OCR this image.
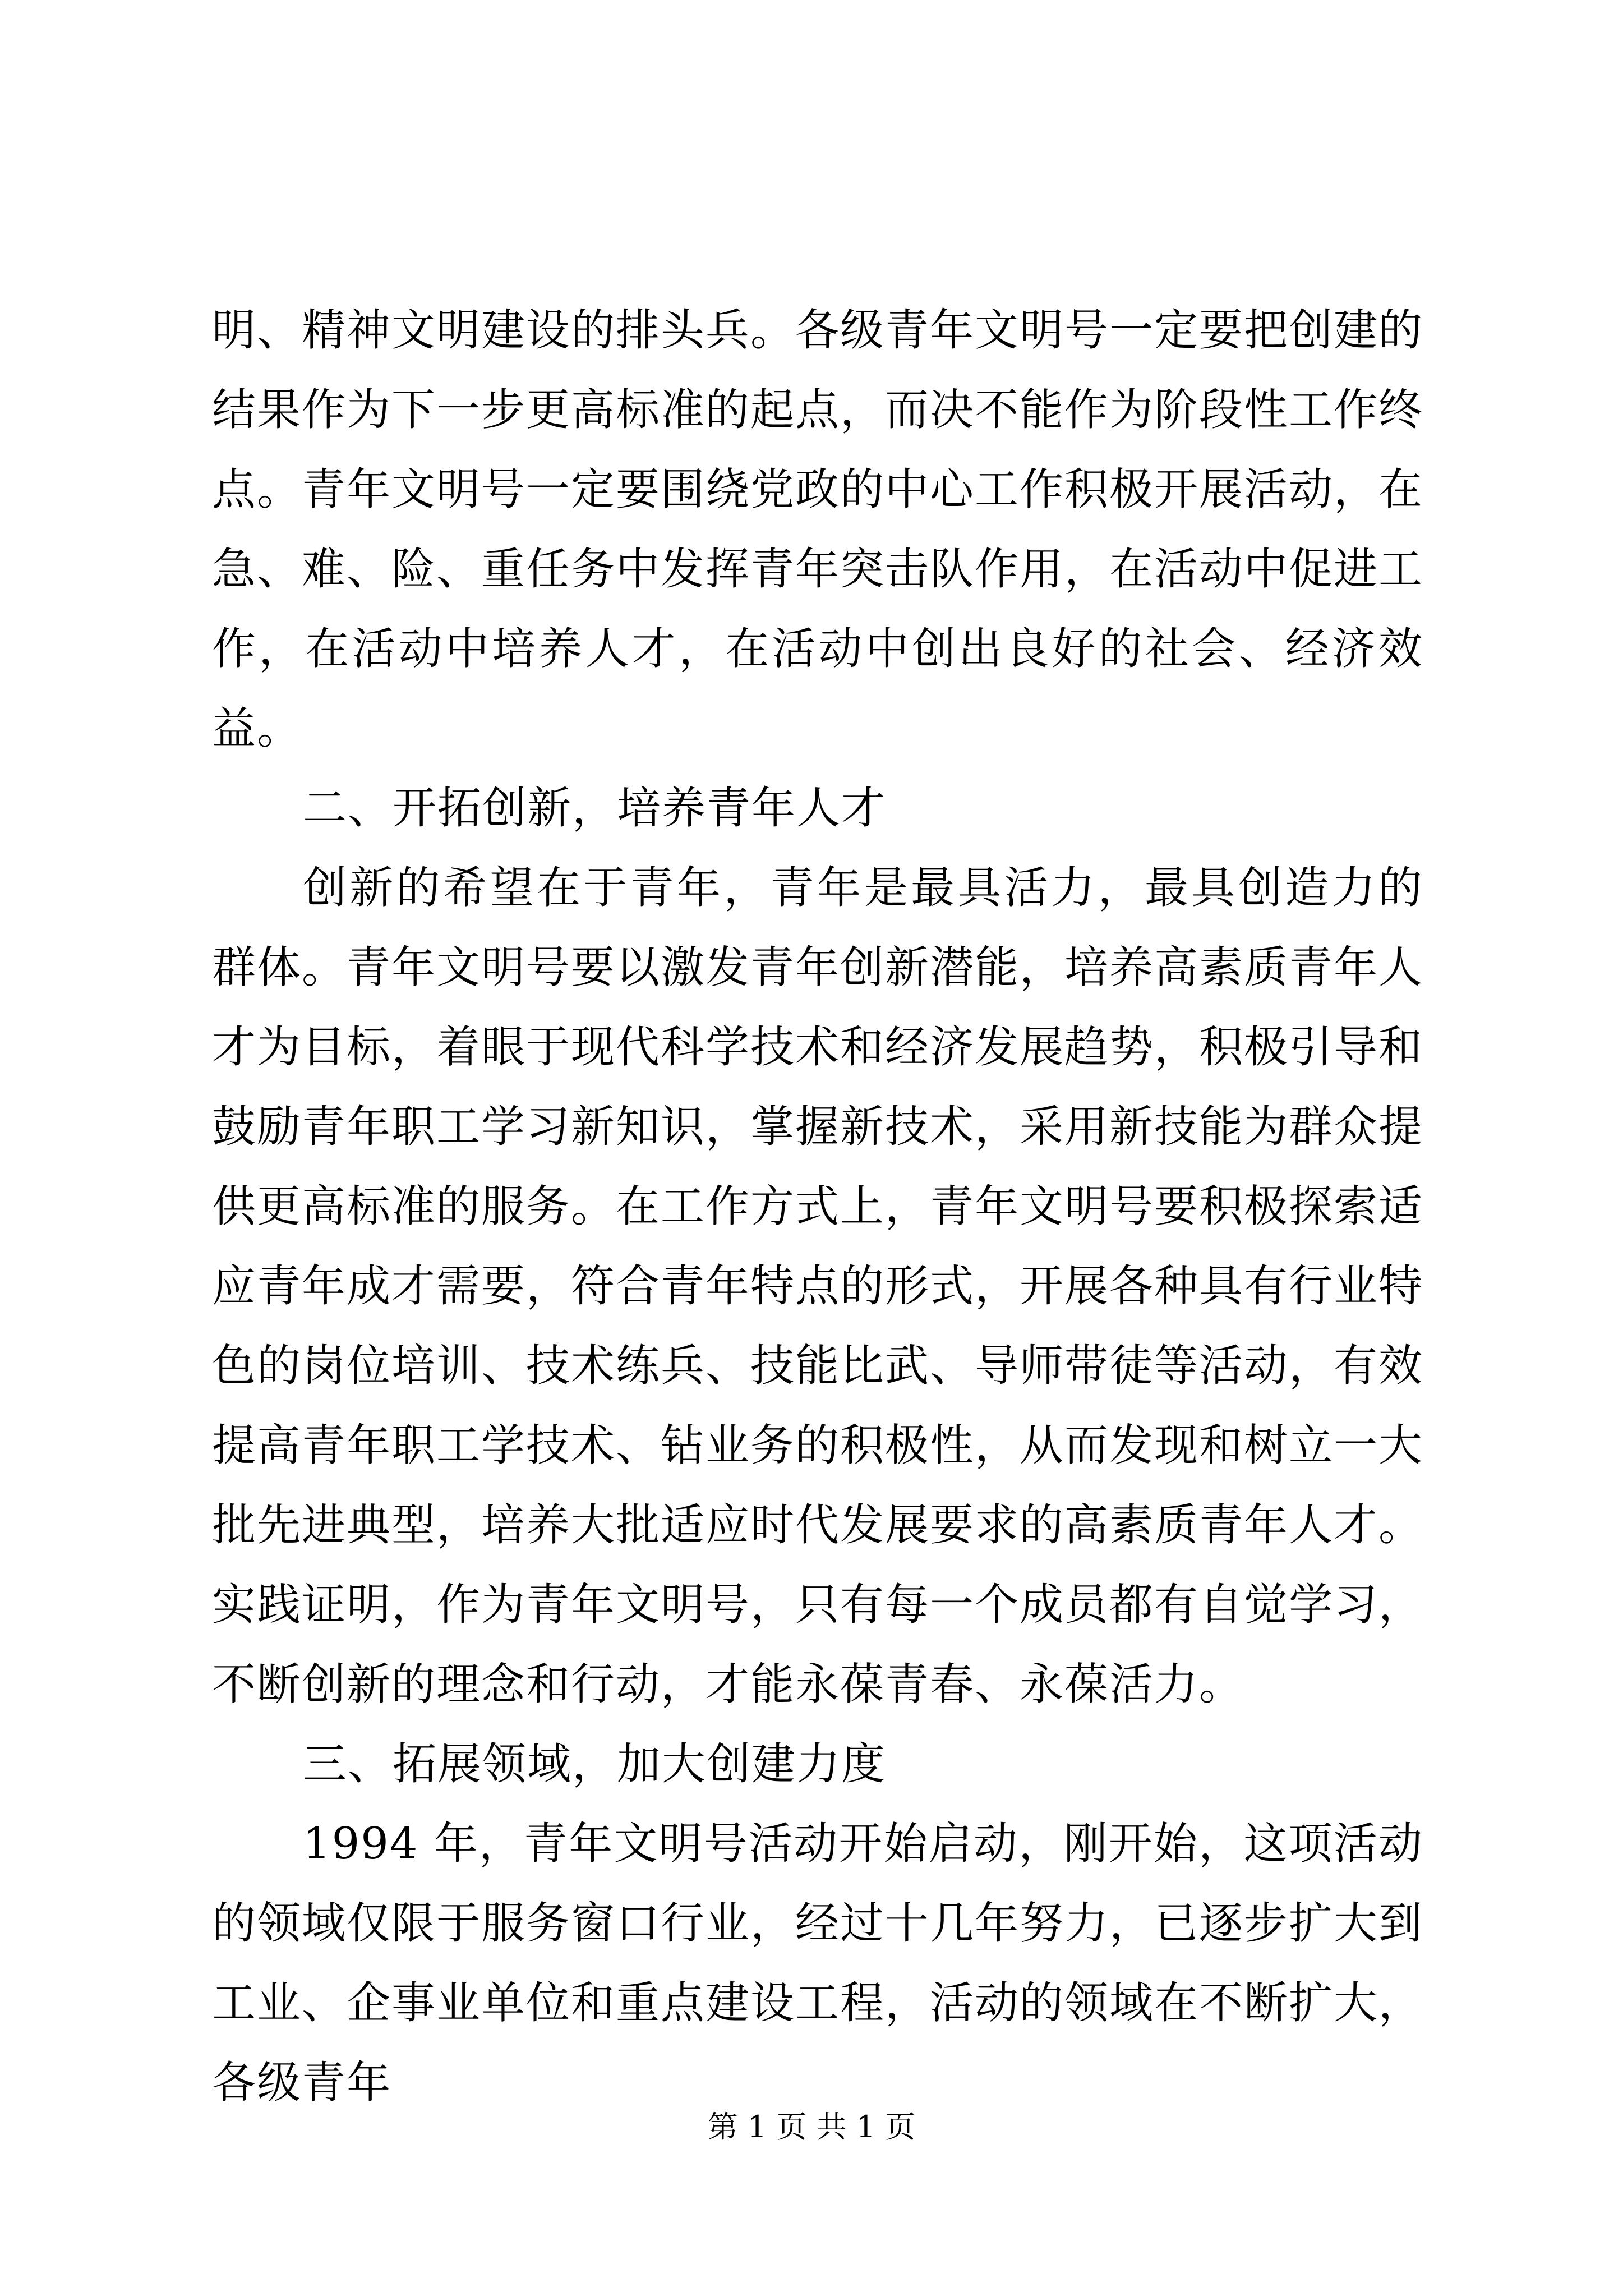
明、精神文明建设的排头兵。各级青年文明号一定要把创建的结果作为下一步更高标准的起点，而决不能作为阶段性工作终点。青年文明号一定要围绕党政的中心工作积极开展活动，在急、难、险、重任务中发挥青年突击队作用，在活动中促进工作，在活动中培养人才，在活动中创出良好的社会、经济效益。

二、开拓创新，培养青年人才

创新的希望在于青年，青年是最具活力，最具创造力的群体。青年文明号要以激发青年创新潜能，培养高素质青年人才为目标，着眼于现代科学技术和经济发展趋势，积极引导和鼓励青年职工学习新知识，掌握新技术，采用新技能为群众提供更高标准的服务。在工作方式上，青年文明号要积极探索适应青年成才需要，符合青年特点的形式，开展各种具有行业特色的岗位培训、技术练兵、技能比武、导师带徒等活动，有效提高青年职工学技术、钻业务的积极性，从而发现和树立一大批先进典型，培养大批适应时代发展要求的高素质青年人才。实践证明，作为青年文明号，只有每一个成员都有自觉学习，不断创新的理念和行动，才能永葆青春、永葆活力。

三、拓展领域，加大创建力度

1994 年，青年文明号活动开始启动，刚开始，这项活动的领域仅限于服务窗口行业，经过十几年努力，已逐步扩大到工业、企事业单位和重点建设工程，活动的领域在不断扩大，各级青年

第 1 页 共 1 页
